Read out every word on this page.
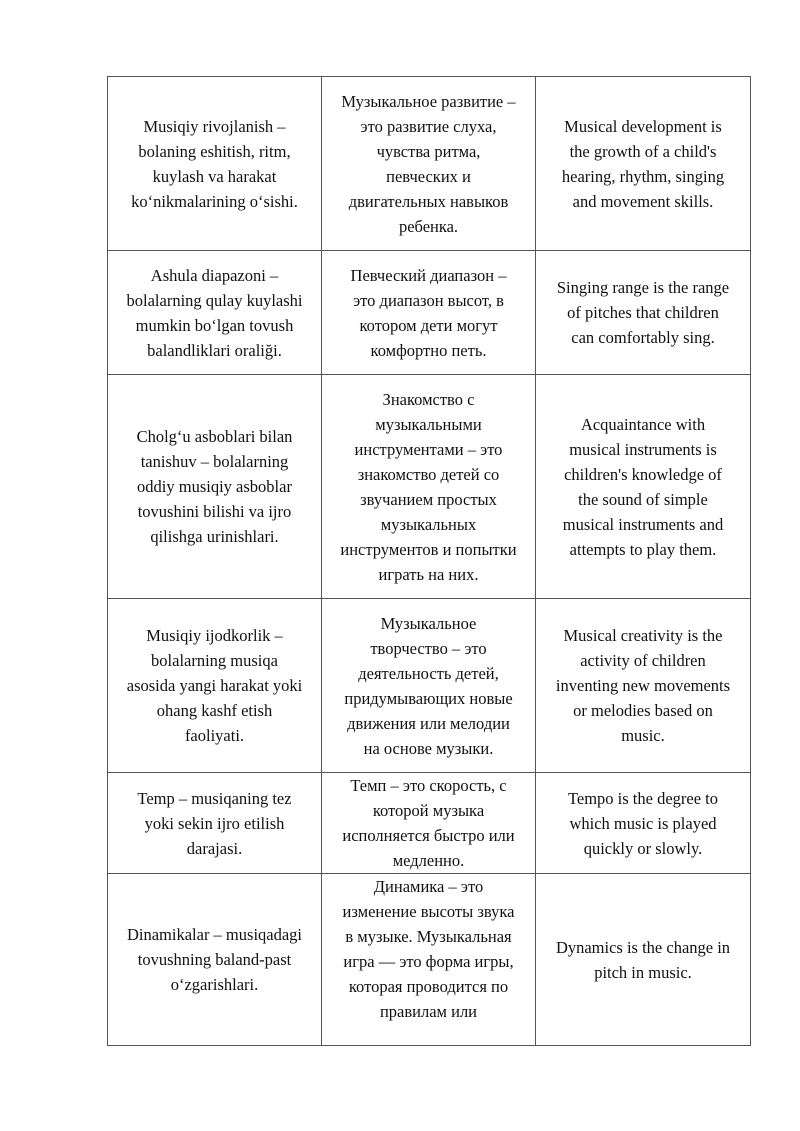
Musiqiy rivojlanish – bolaning eshitish, ritm, kuylash va harakat ko‘nikmalarining o‘sishi.	Музыкальное развитие – это развитие слуха, чувства ритма, певческих и двигательных навыков ребенка.	Musical development is the growth of a child's hearing, rhythm, singing and movement skills.

Ashula diapazoni – bolalarning qulay kuylashi mumkin bo‘lgan tovush balandliklari oraliği.	Певческий диапазон – это диапазон высот, в котором дети могут комфортно петь.	Singing range is the range of pitches that children can comfortably sing.

Cholg‘u asboblari bilan tanishuv – bolalarning oddiy musiqiy asboblar tovushini bilishi va ijro qilishga urinishlari.	Знакомство с музыкальными инструментами – это знакомство детей со звучанием простых музыкальных инструментов и попытки играть на них.	Acquaintance with musical instruments is children's knowledge of the sound of simple musical instruments and attempts to play them.

Musiqiy ijodkorlik – bolalarning musiqa asosida yangi harakat yoki ohang kashf etish faoliyati.	Музыкальное творчество – это деятельность детей, придумывающих новые движения или мелодии на основе музыки.	Musical creativity is the activity of children inventing new movements or melodies based on music.

Temp – musiqaning tez yoki sekin ijro etilish darajasi.	Темп – это скорость, с которой музыка исполняется быстро или медленно.	Tempo is the degree to which music is played quickly or slowly.

Dinamikalar – musiqadagi tovushning baland-past o‘zgarishlari.	Динамика – это изменение высоты звука в музыке. Музыкальная игра — это форма игры, которая проводится по правилам или	Dynamics is the change in pitch in music.
